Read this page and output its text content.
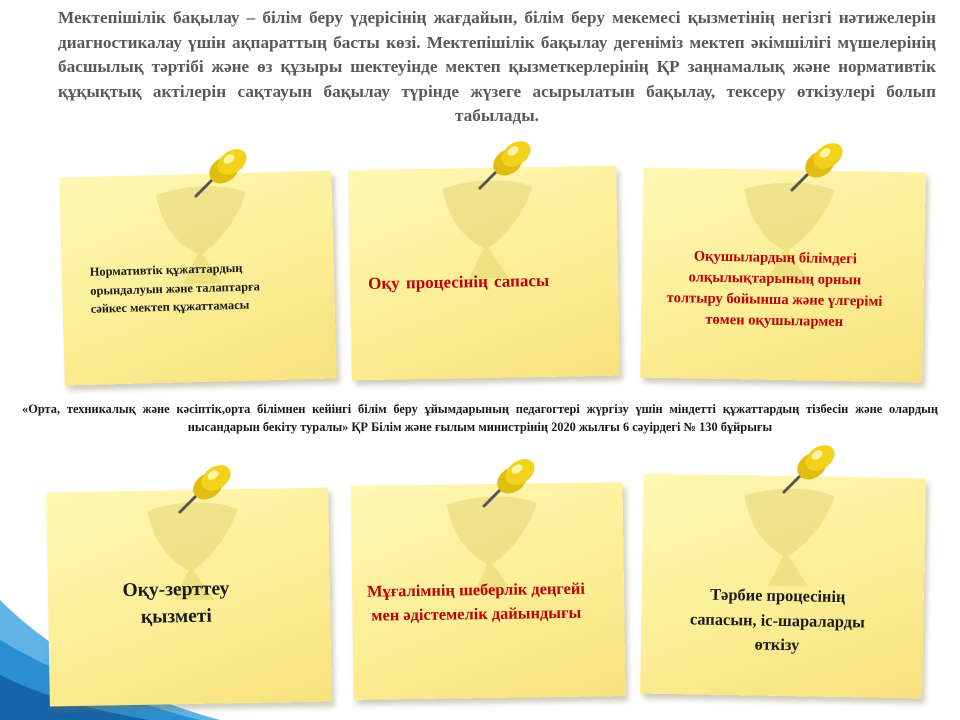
Мектепішілік бақылау – білім беру үдерісінің жағдайын, білім беру мекемесі қызметінің негізгі нәтижелерін диагностикалау үшін ақпараттың басты көзі. Мектепішілік бақылау дегеніміз мектеп әкімшілігі мүшелерінің басшылық тәртібі және өз құзыры шектеуінде мектеп қызметкерлерінің ҚР заңнамалық және нормативтік құқықтық актілерін сақтауын бақылау түрінде жүзеге асырылатын бақылау, тексеру өткізулері болып табылады.

Нормативтік құжаттардың орындалуын және талаптарға сәйкес мектеп құжаттамасы

Оқу процесінің сапасы

Оқушылардың білімдегі олқылықтарының орнын толтыру бойынша және үлгерімі төмен оқушылармен

Оқу-зерттеу қызметі

Мұғалімнің шеберлік деңгейі мен әдістемелік дайындығы

Тәрбие процесінің сапасын, іс-шараларды өткізу

«Орта, техникалық және кәсіптік,орта білімнен кейінгі білім беру ұйымдарының педагогтері жүргізу үшін міндетті құжаттардың тізбесін және олардың нысандарын бекіту туралы» ҚР Білім және ғылым министрінің 2020 жылғы 6 сәуірдегі № 130 бұйрығы
